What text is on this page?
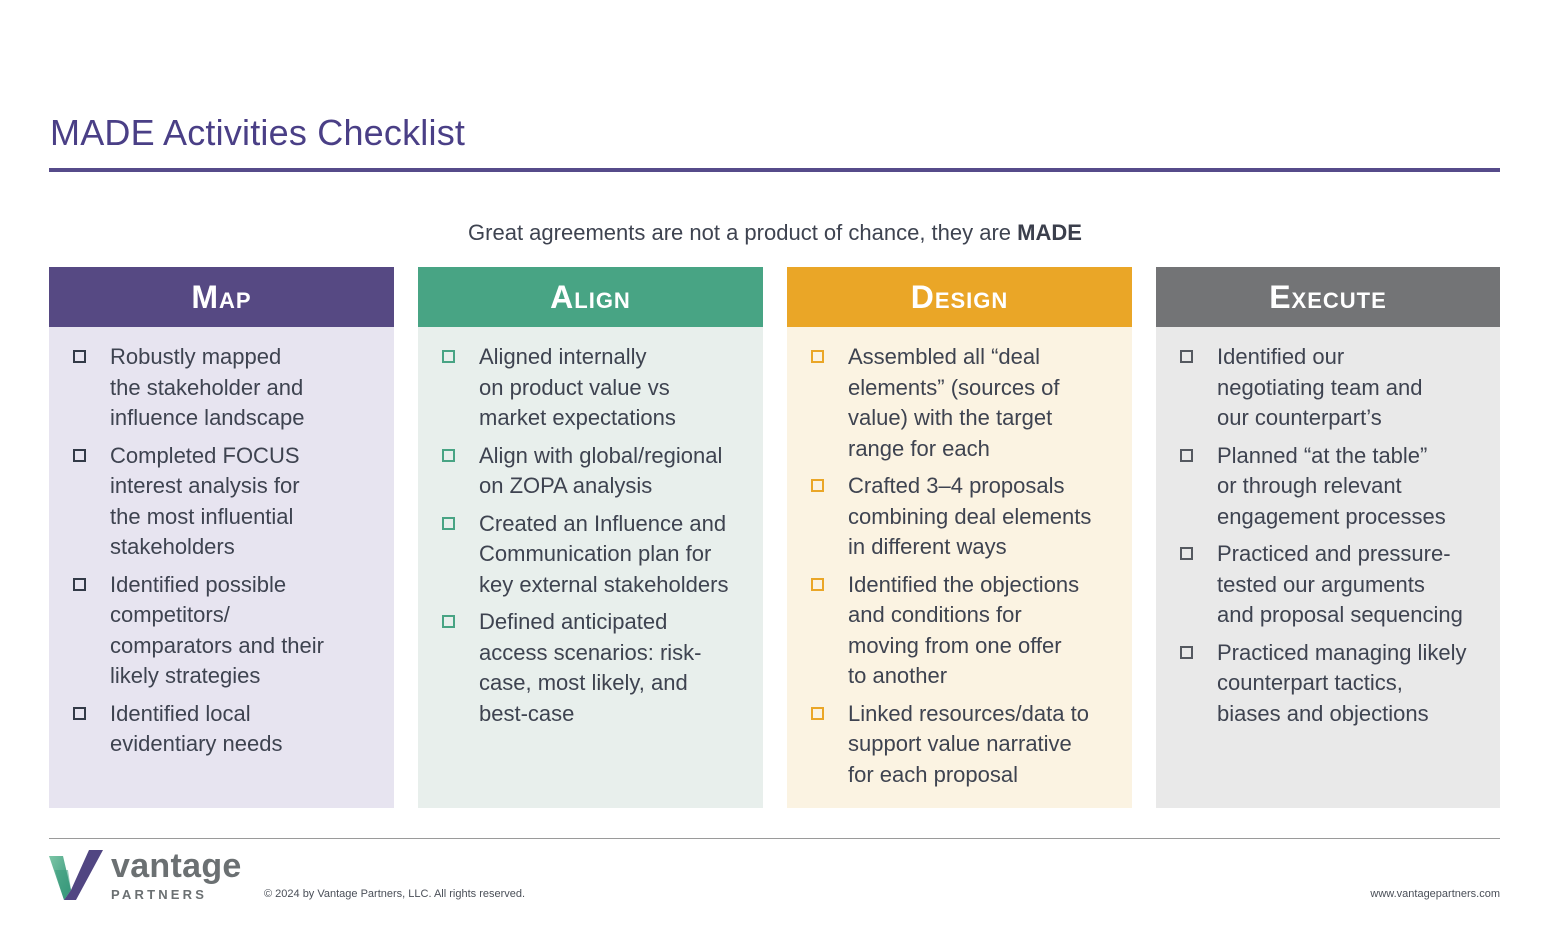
MADE Activities Checklist
Great agreements are not a product of chance, they are MADE
Map
Robustly mapped
the stakeholder and
influence landscape
Completed FOCUS
interest analysis for
the most influential
stakeholders
Identified possible
competitors/
comparators and their
likely strategies
Identified local
evidentiary needs
Align
Aligned internally
on product value vs
market expectations
Align with global/regional
on ZOPA analysis
Created an Influence and
Communication plan for
key external stakeholders
Defined anticipated
access scenarios: risk-
case, most likely, and
best-case
Design
Assembled all “deal
elements” (sources of
value) with the target
range for each
Crafted 3–4 proposals
combining deal elements
in different ways
Identified the objections
and conditions for
moving from one offer
to another
Linked resources/data to
support value narrative
for each proposal
Execute
Identified our
negotiating team and
our counterpart’s
Planned “at the table”
or through relevant
engagement processes
Practiced and pressure-
tested our arguments
and proposal sequencing
Practiced managing likely
counterpart tactics,
biases and objections
vantage
PARTNERS	© 2024 by Vantage Partners, LLC. All rights reserved.	www.vantagepartners.com
